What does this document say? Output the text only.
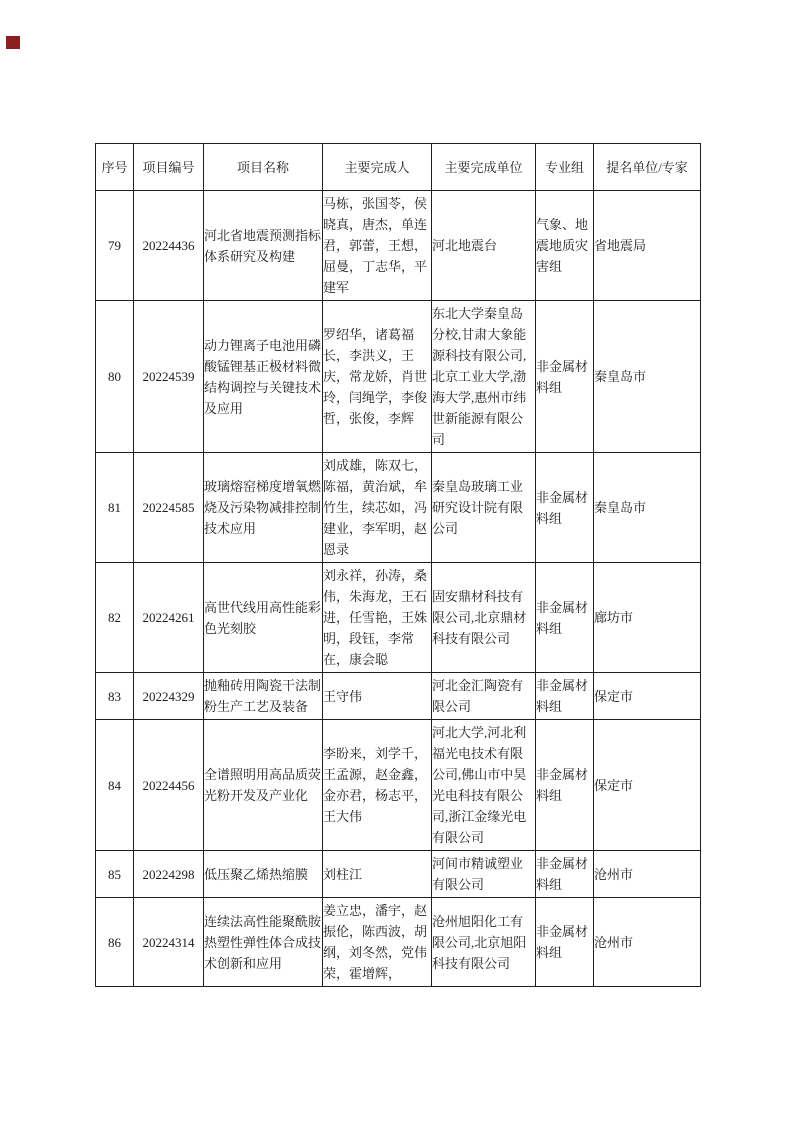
序号	项目编号	项目名称	主要完成人	主要完成单位	专业组	提名单位/专家
79	20224436	河北省地震预测指标体系研究及构建	马栋，张国苓，侯晓真，唐杰，单连君，郭蕾，王想，屈曼，丁志华，平建军	河北地震台	气象、地震地质灾害组	省地震局
80	20224539	动力锂离子电池用磷酸锰锂基正极材料微结构调控与关键技术及应用	罗绍华，诸葛福长，李洪义，王庆，常龙娇，肖世玲，闫绳学，李俊哲，张俊，李辉	东北大学秦皇岛分校,甘肃大象能源科技有限公司,北京工业大学,渤海大学,惠州市纬世新能源有限公司	非金属材料组	秦皇岛市
81	20224585	玻璃熔窑梯度增氧燃烧及污染物减排控制技术应用	刘成雄，陈双七，陈福，黄治斌，牟竹生，续芯如，冯建业，李军明，赵恩录	秦皇岛玻璃工业研究设计院有限公司	非金属材料组	秦皇岛市
82	20224261	高世代线用高性能彩色光刻胶	刘永祥，孙涛，桑伟，朱海龙，王石进，任雪艳，王姝明，段钰，李常在，康会聪	固安鼎材科技有限公司,北京鼎材科技有限公司	非金属材料组	廊坊市
83	20224329	抛釉砖用陶瓷干法制粉生产工艺及装备	王守伟	河北金汇陶瓷有限公司	非金属材料组	保定市
84	20224456	全谱照明用高品质荧光粉开发及产业化	李盼来，刘学千，王孟源，赵金鑫，金亦君，杨志平，王大伟	河北大学,河北利福光电技术有限公司,佛山市中昊光电科技有限公司,浙江金缘光电有限公司	非金属材料组	保定市
85	20224298	低压聚乙烯热缩膜	刘柱江	河间市精诚塑业有限公司	非金属材料组	沧州市
86	20224314	连续法高性能聚酰胺热塑性弹性体合成技术创新和应用	姜立忠，潘宇，赵振伦，陈西波，胡纲，刘冬然，党伟荣，霍增辉，	沧州旭阳化工有限公司,北京旭阳科技有限公司	非金属材料组	沧州市
